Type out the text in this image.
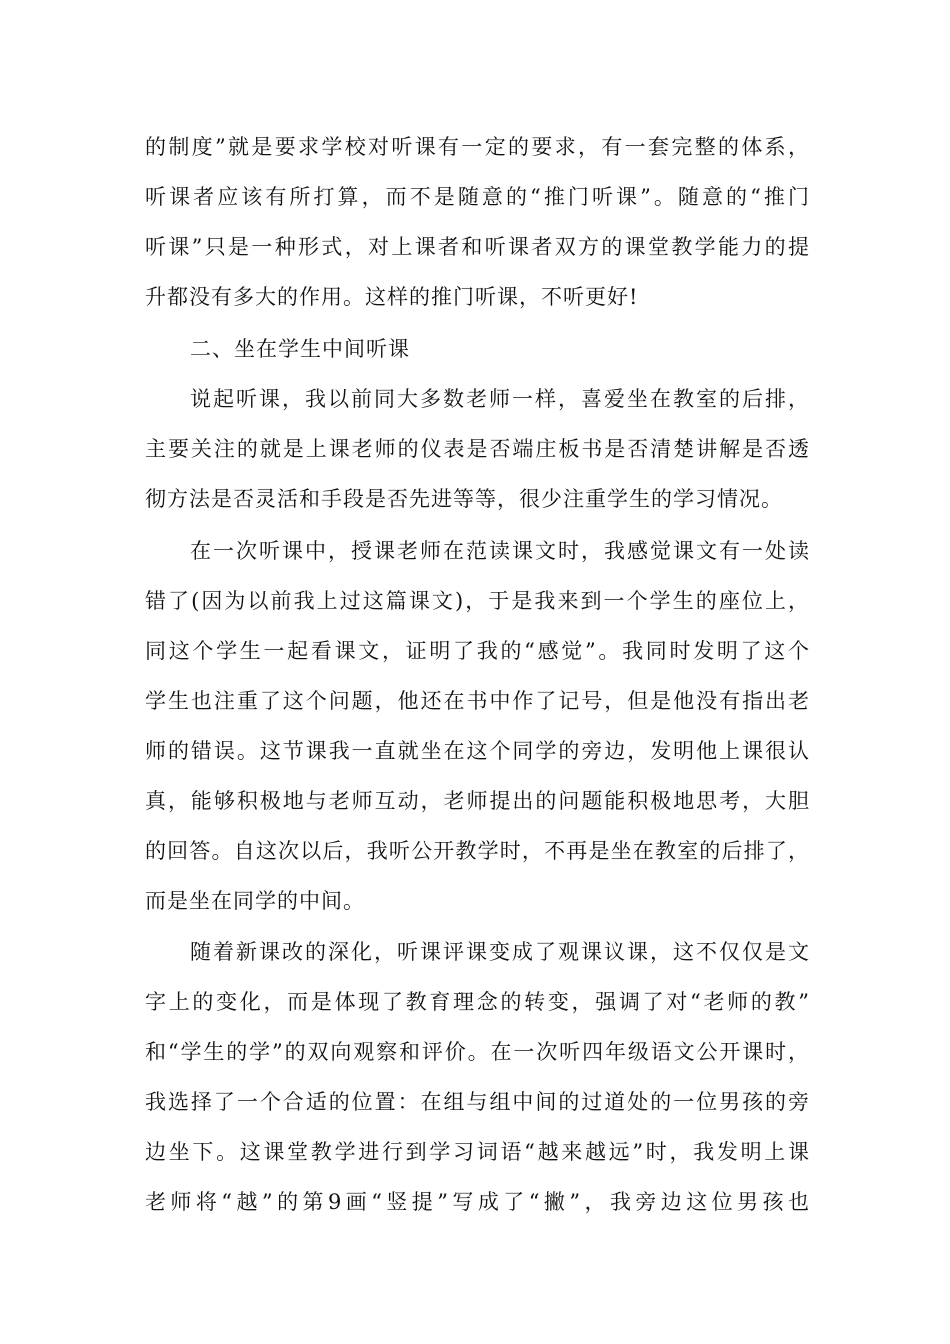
的制度”就是要求学校对听课有一定的要求，有一套完整的体系，
听课者应该有所打算，而不是随意的“推门听课”。随意的“推门
听课”只是一种形式，对上课者和听课者双方的课堂教学能力的提
升都没有多大的作用。这样的推门听课，不听更好!
二、坐在学生中间听课
说起听课，我以前同大多数老师一样，喜爱坐在教室的后排，
主要关注的就是上课老师的仪表是否端庄板书是否清楚讲解是否透
彻方法是否灵活和手段是否先进等等，很少注重学生的学习情况。
在一次听课中，授课老师在范读课文时，我感觉课文有一处读
错了(因为以前我上过这篇课文)，于是我来到一个学生的座位上，
同这个学生一起看课文，证明了我的“感觉”。我同时发明了这个
学生也注重了这个问题，他还在书中作了记号，但是他没有指出老
师的错误。这节课我一直就坐在这个同学的旁边，发明他上课很认
真，能够积极地与老师互动，老师提出的问题能积极地思考，大胆
的回答。自这次以后，我听公开教学时，不再是坐在教室的后排了，
而是坐在同学的中间。
随着新课改的深化，听课评课变成了观课议课，这不仅仅是文
字上的变化，而是体现了教育理念的转变，强调了对“老师的教”
和“学生的学”的双向观察和评价。在一次听四年级语文公开课时，
我选择了一个合适的位置：在组与组中间的过道处的一位男孩的旁
边坐下。这课堂教学进行到学习词语“越来越远”时，我发明上课
老师将“越”的第9画“竖提”写成了“撇”，我旁边这位男孩也
